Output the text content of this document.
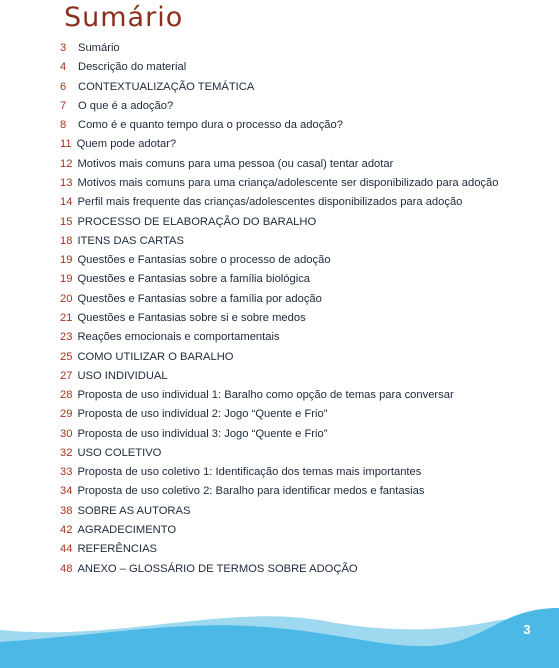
Sumário
3	Sumário
4	Descrição do material
6	CONTEXTUALIZAÇÃO TEMÁTICA
7	O que é a adoção?
8	Como é e quanto tempo dura o processo da adoção?
11 Quem pode adotar?
12 Motivos mais comuns para uma pessoa (ou casal) tentar adotar
13 Motivos mais comuns para uma criança/adolescente ser disponibilizado para adoção
14 Perfil mais frequente das crianças/adolescentes disponibilizados para adoção
15 PROCESSO DE ELABORAÇÃO DO BARALHO
18 ITENS DAS CARTAS
19 Questões e Fantasias sobre o processo de adoção
19 Questões e Fantasias sobre a família biológica
20 Questões e Fantasias sobre a família por adoção
21 Questões e Fantasias sobre si e sobre medos
23 Reações emocionais e comportamentais
25 COMO UTILIZAR O BARALHO
27 USO INDIVIDUAL
28 Proposta de uso individual 1: Baralho como opção de temas para conversar
29 Proposta de uso individual 2: Jogo “Quente e Frio”
30 Proposta de uso individual 3: Jogo “Quente e Frio”
32 USO COLETIVO
33 Proposta de uso coletivo 1: Identificação dos temas mais importantes
34 Proposta de uso coletivo 2: Baralho para identificar medos e fantasias
38 SOBRE AS AUTORAS
42 AGRADECIMENTO
44 REFERÊNCIAS
48 ANEXO – GLOSSÁRIO DE TERMOS SOBRE ADOÇÃO
3
